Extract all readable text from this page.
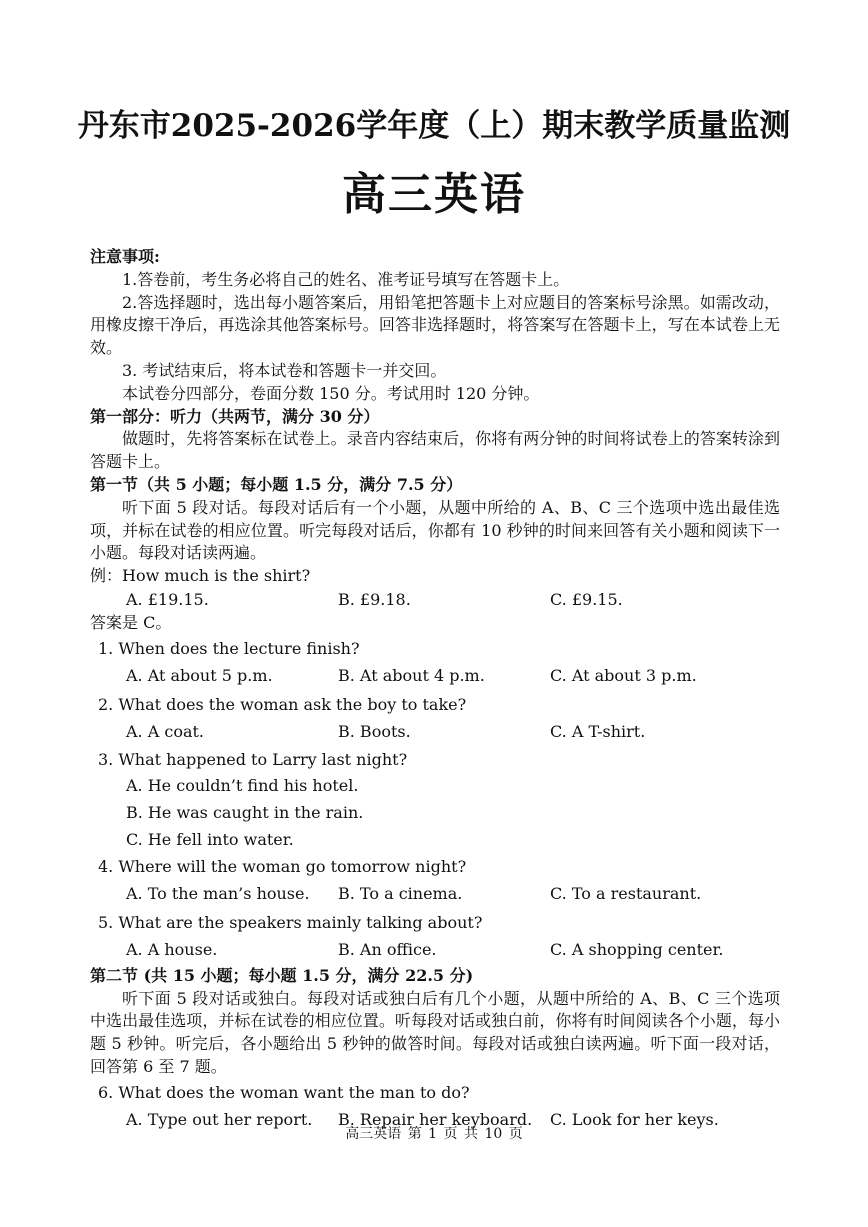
丹东市2025-2026学年度（上）期末教学质量监测
高三英语
注意事项:
1.答卷前，考生务必将自己的姓名、准考证号填写在答题卡上。
2.答选择题时，选出每小题答案后，用铅笔把答题卡上对应题目的答案标号涂黑。如需改动，用橡皮擦干净后，再选涂其他答案标号。回答非选择题时，将答案写在答题卡上，写在本试卷上无效。
3. 考试结束后，将本试卷和答题卡一并交回。
本试卷分四部分，卷面分数 150 分。考试用时 120 分钟。
第一部分：听力（共两节，满分 30 分）
做题时，先将答案标在试卷上。录音内容结束后，你将有两分钟的时间将试卷上的答案转涂到答题卡上。
第一节（共 5 小题；每小题 1.5 分，满分 7.5 分）
听下面 5 段对话。每段对话后有一个小题，从题中所给的 A、B、C 三个选项中选出最佳选项，并标在试卷的相应位置。听完每段对话后，你都有 10 秒钟的时间来回答有关小题和阅读下一小题。每段对话读两遍。
例：How much is the shirt?
A. £19.15.	B. £9.18.	C. £9.15.
答案是 C。
1. When does the lecture finish?
A. At about 5 p.m.	B. At about 4 p.m.	C. At about 3 p.m.
2. What does the woman ask the boy to take?
A. A coat.	B. Boots.	C. A T-shirt.
3. What happened to Larry last night?
A. He couldn’t find his hotel.
B. He was caught in the rain.
C. He fell into water.
4. Where will the woman go tomorrow night?
A. To the man’s house.	B. To a cinema.	C. To a restaurant.
5. What are the speakers mainly talking about?
A. A house.	B. An office.	C. A shopping center.
第二节 (共 15 小题；每小题 1.5 分，满分 22.5 分)
听下面 5 段对话或独白。每段对话或独白后有几个小题，从题中所给的 A、B、C 三个选项中选出最佳选项，并标在试卷的相应位置。听每段对话或独白前，你将有时间阅读各个小题，每小题 5 秒钟。听完后，各小题给出 5 秒钟的做答时间。每段对话或独白读两遍。听下面一段对话，回答第 6 至 7 题。
6. What does the woman want the man to do?
A. Type out her report.	B. Repair her keyboard.	C. Look for her keys.
高三英语 第 1 页 共 10 页
